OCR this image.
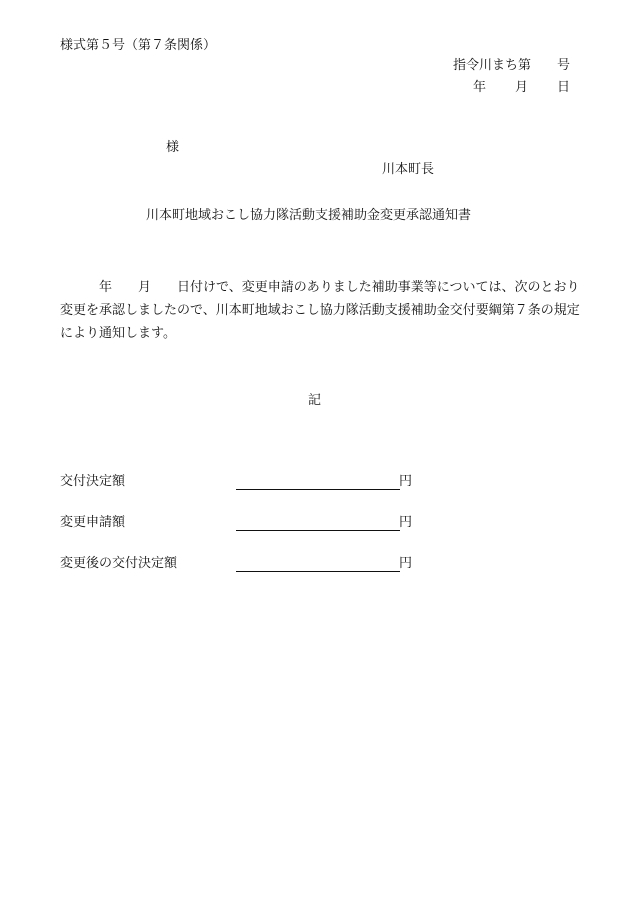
様式第５号（第７条関係）
指令川まち第　　号
年 月 日
様
川本町長
川本町地域おこし協力隊活動支援補助金変更承認通知書
　　　年　　月　　日付けで、変更申請のありました補助事業等については、次のとおり変更を承認しましたので、川本町地域おこし協力隊活動支援補助金交付要綱第７条の規定により通知します。
記
交付決定額	円
変更申請額	円
変更後の交付決定額	円
